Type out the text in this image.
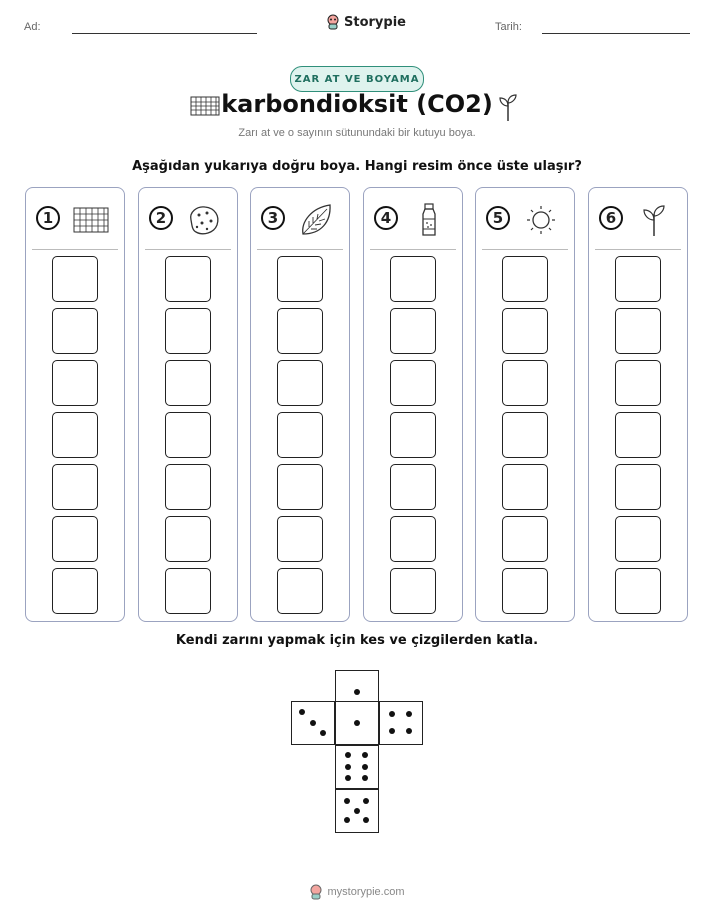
Ad:	Storypie	Tarih:
ZAR AT VE BOYAMA
karbondioksit (CO2)
Zarı at ve o sayının sütunundaki bir kutuyu boya.
Aşağıdan yukarıya doğru boya. Hangi resim önce üste ulaşır?
1	2	3	4	5	6
Kendi zarını yapmak için kes ve çizgilerden katla.
mystorypie.com
